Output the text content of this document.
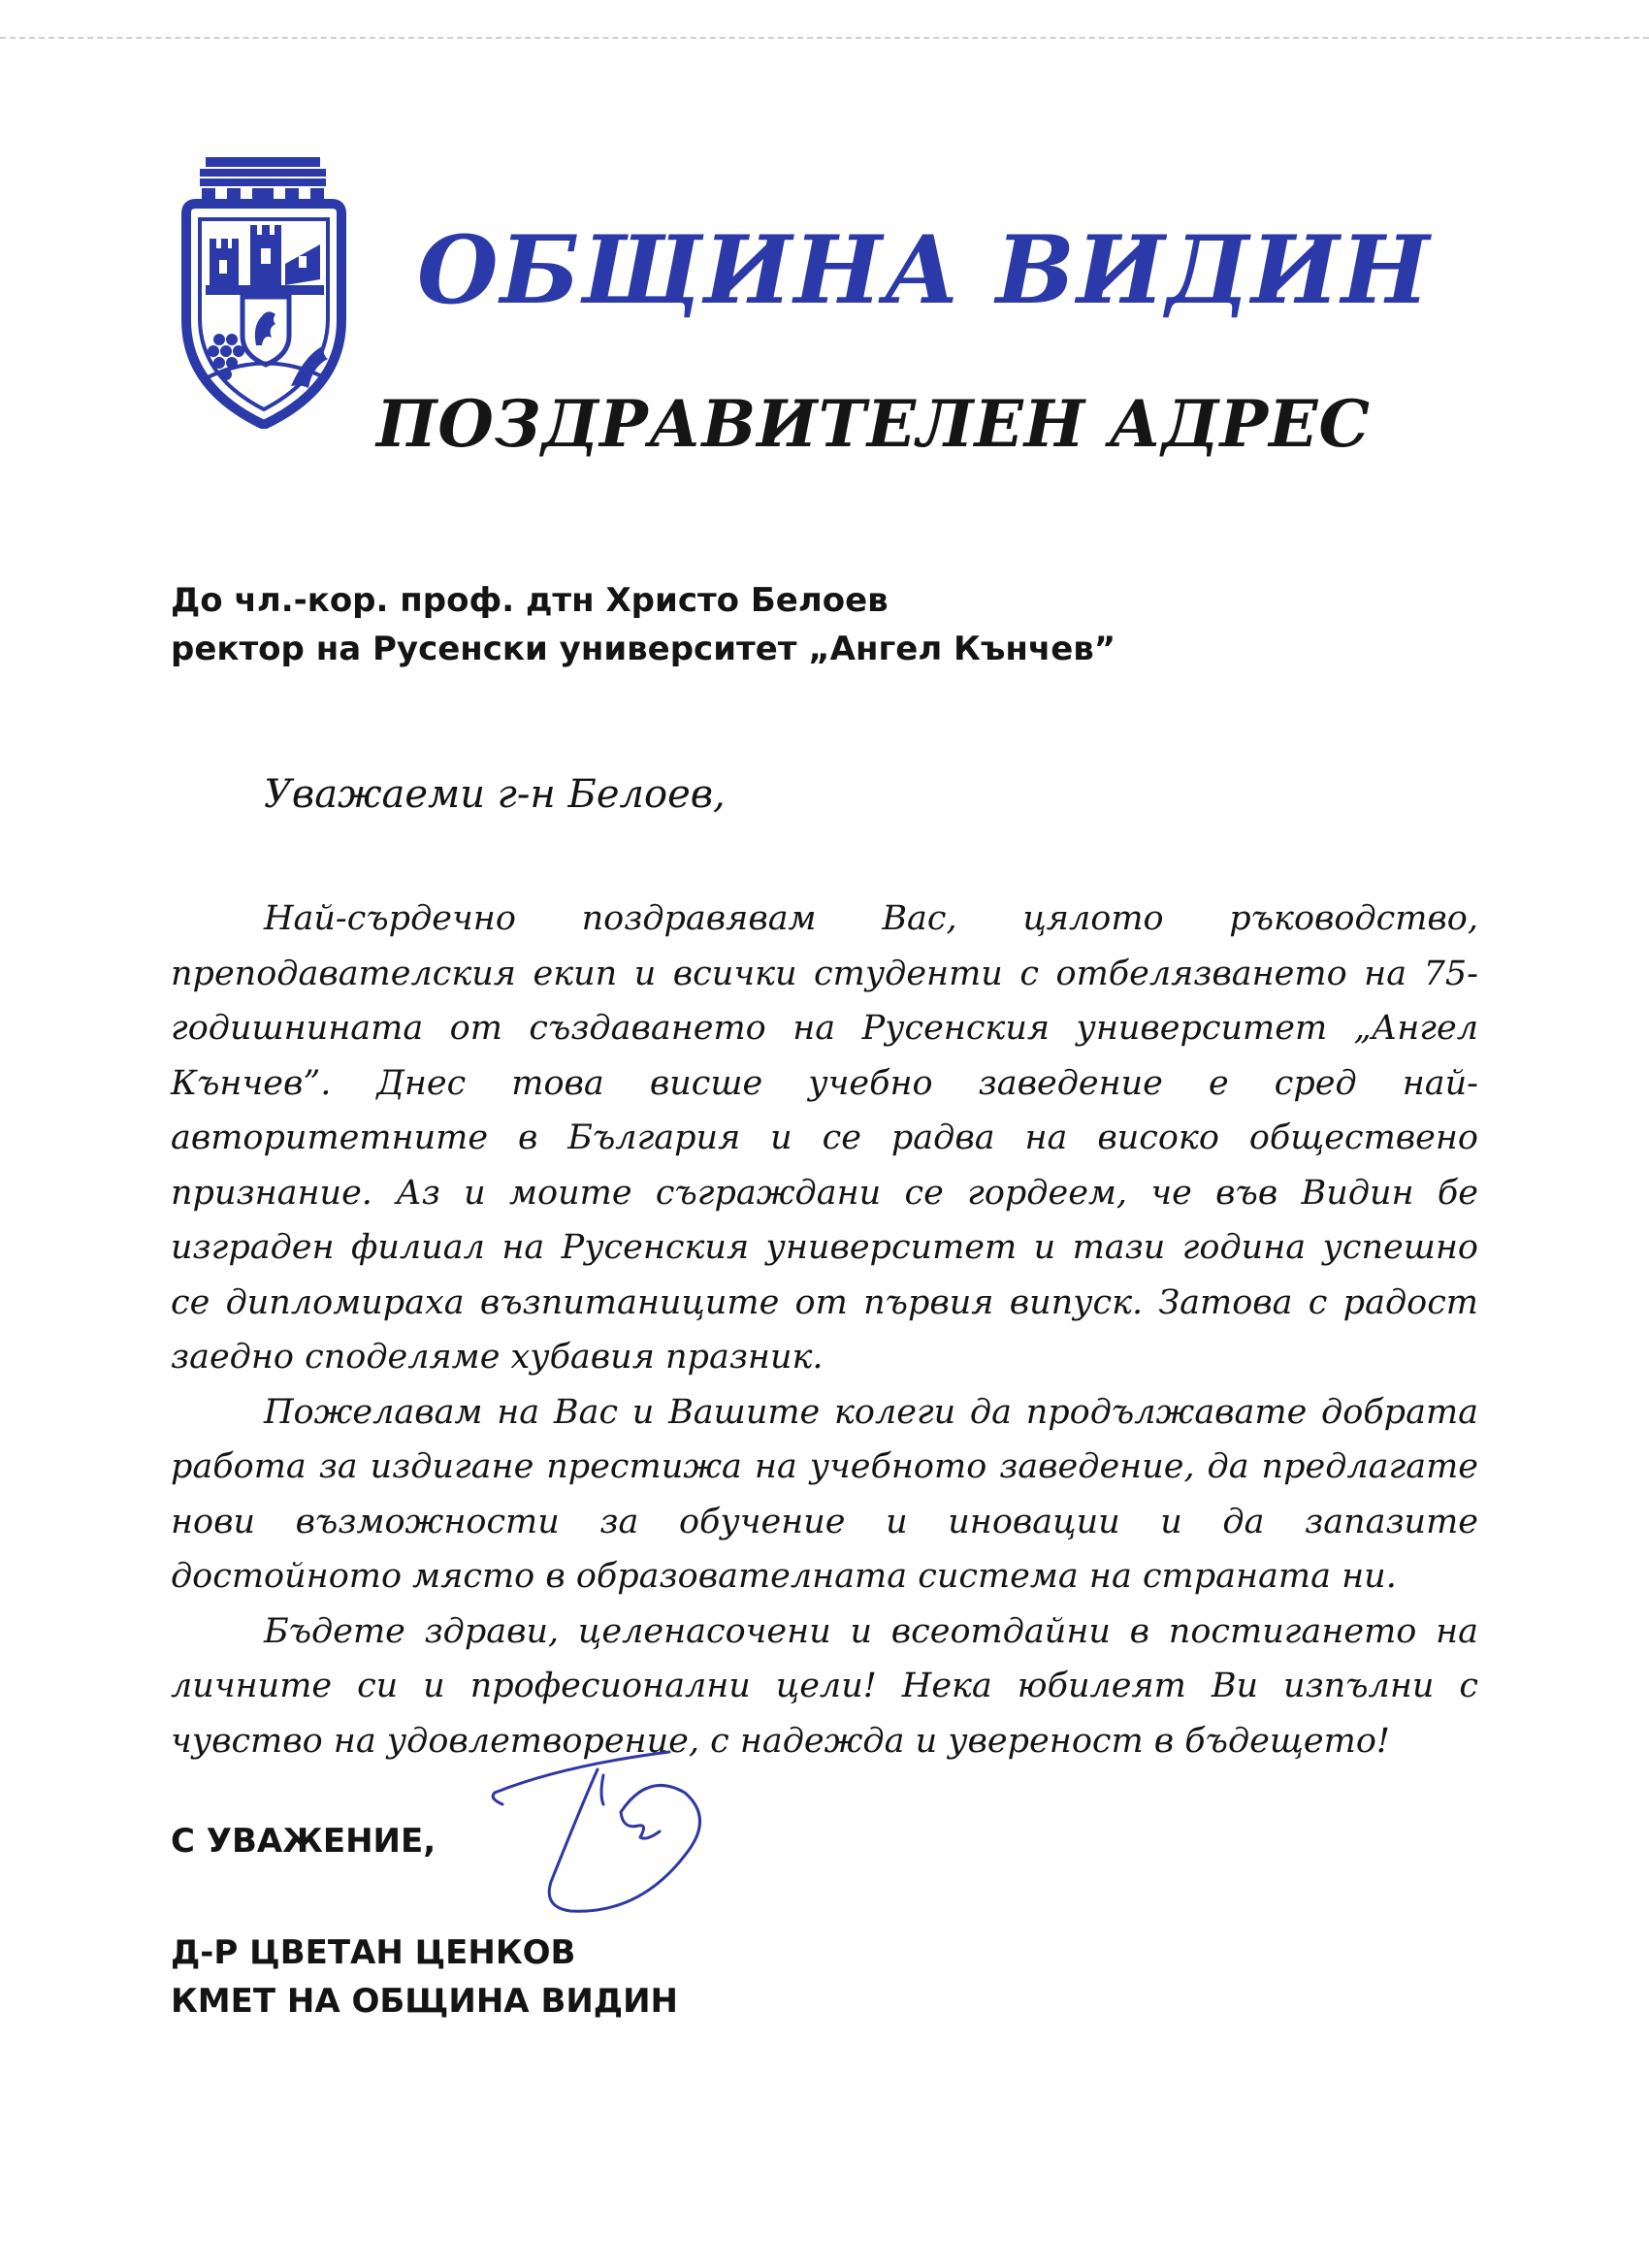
ОБЩИНА ВИДИН
ПОЗДРАВИТЕЛЕН АДРЕС
До чл.-кор. проф. дтн Христо Белоев
ректор на Русенски университет „Ангел Кънчев”
Уважаеми г-н Белоев,

Най-сърдечно поздравявам Вас, цялото ръководство, преподавателския екип и всички студенти с отбелязването на 75-годишнината от създаването на Русенския университет „Ангел Кънчев”. Днес това висше учебно заведение е сред най-авторитетните в България и се радва на високо обществено признание. Аз и моите съграждани се гордеем, че във Видин бе изграден филиал на Русенския университет и тази година успешно се дипломираха възпитаниците от първия випуск. Затова с радост заедно споделяме хубавия празник.

Пожелавам на Вас и Вашите колеги да продължавате добрата работа за издигане престижа на учебното заведение, да предлагате нови възможности за обучение и иновации и да запазите достойното място в образователната система на страната ни.

Бъдете здрави, целенасочени и всеотдайни в постигането на личните си и професионални цели! Нека юбилеят Ви изпълни с чувство на удовлетворение, с надежда и увереност в бъдещето!

С УВАЖЕНИЕ,
Д-Р ЦВЕТАН ЦЕНКОВ
КМЕТ НА ОБЩИНА ВИДИН
